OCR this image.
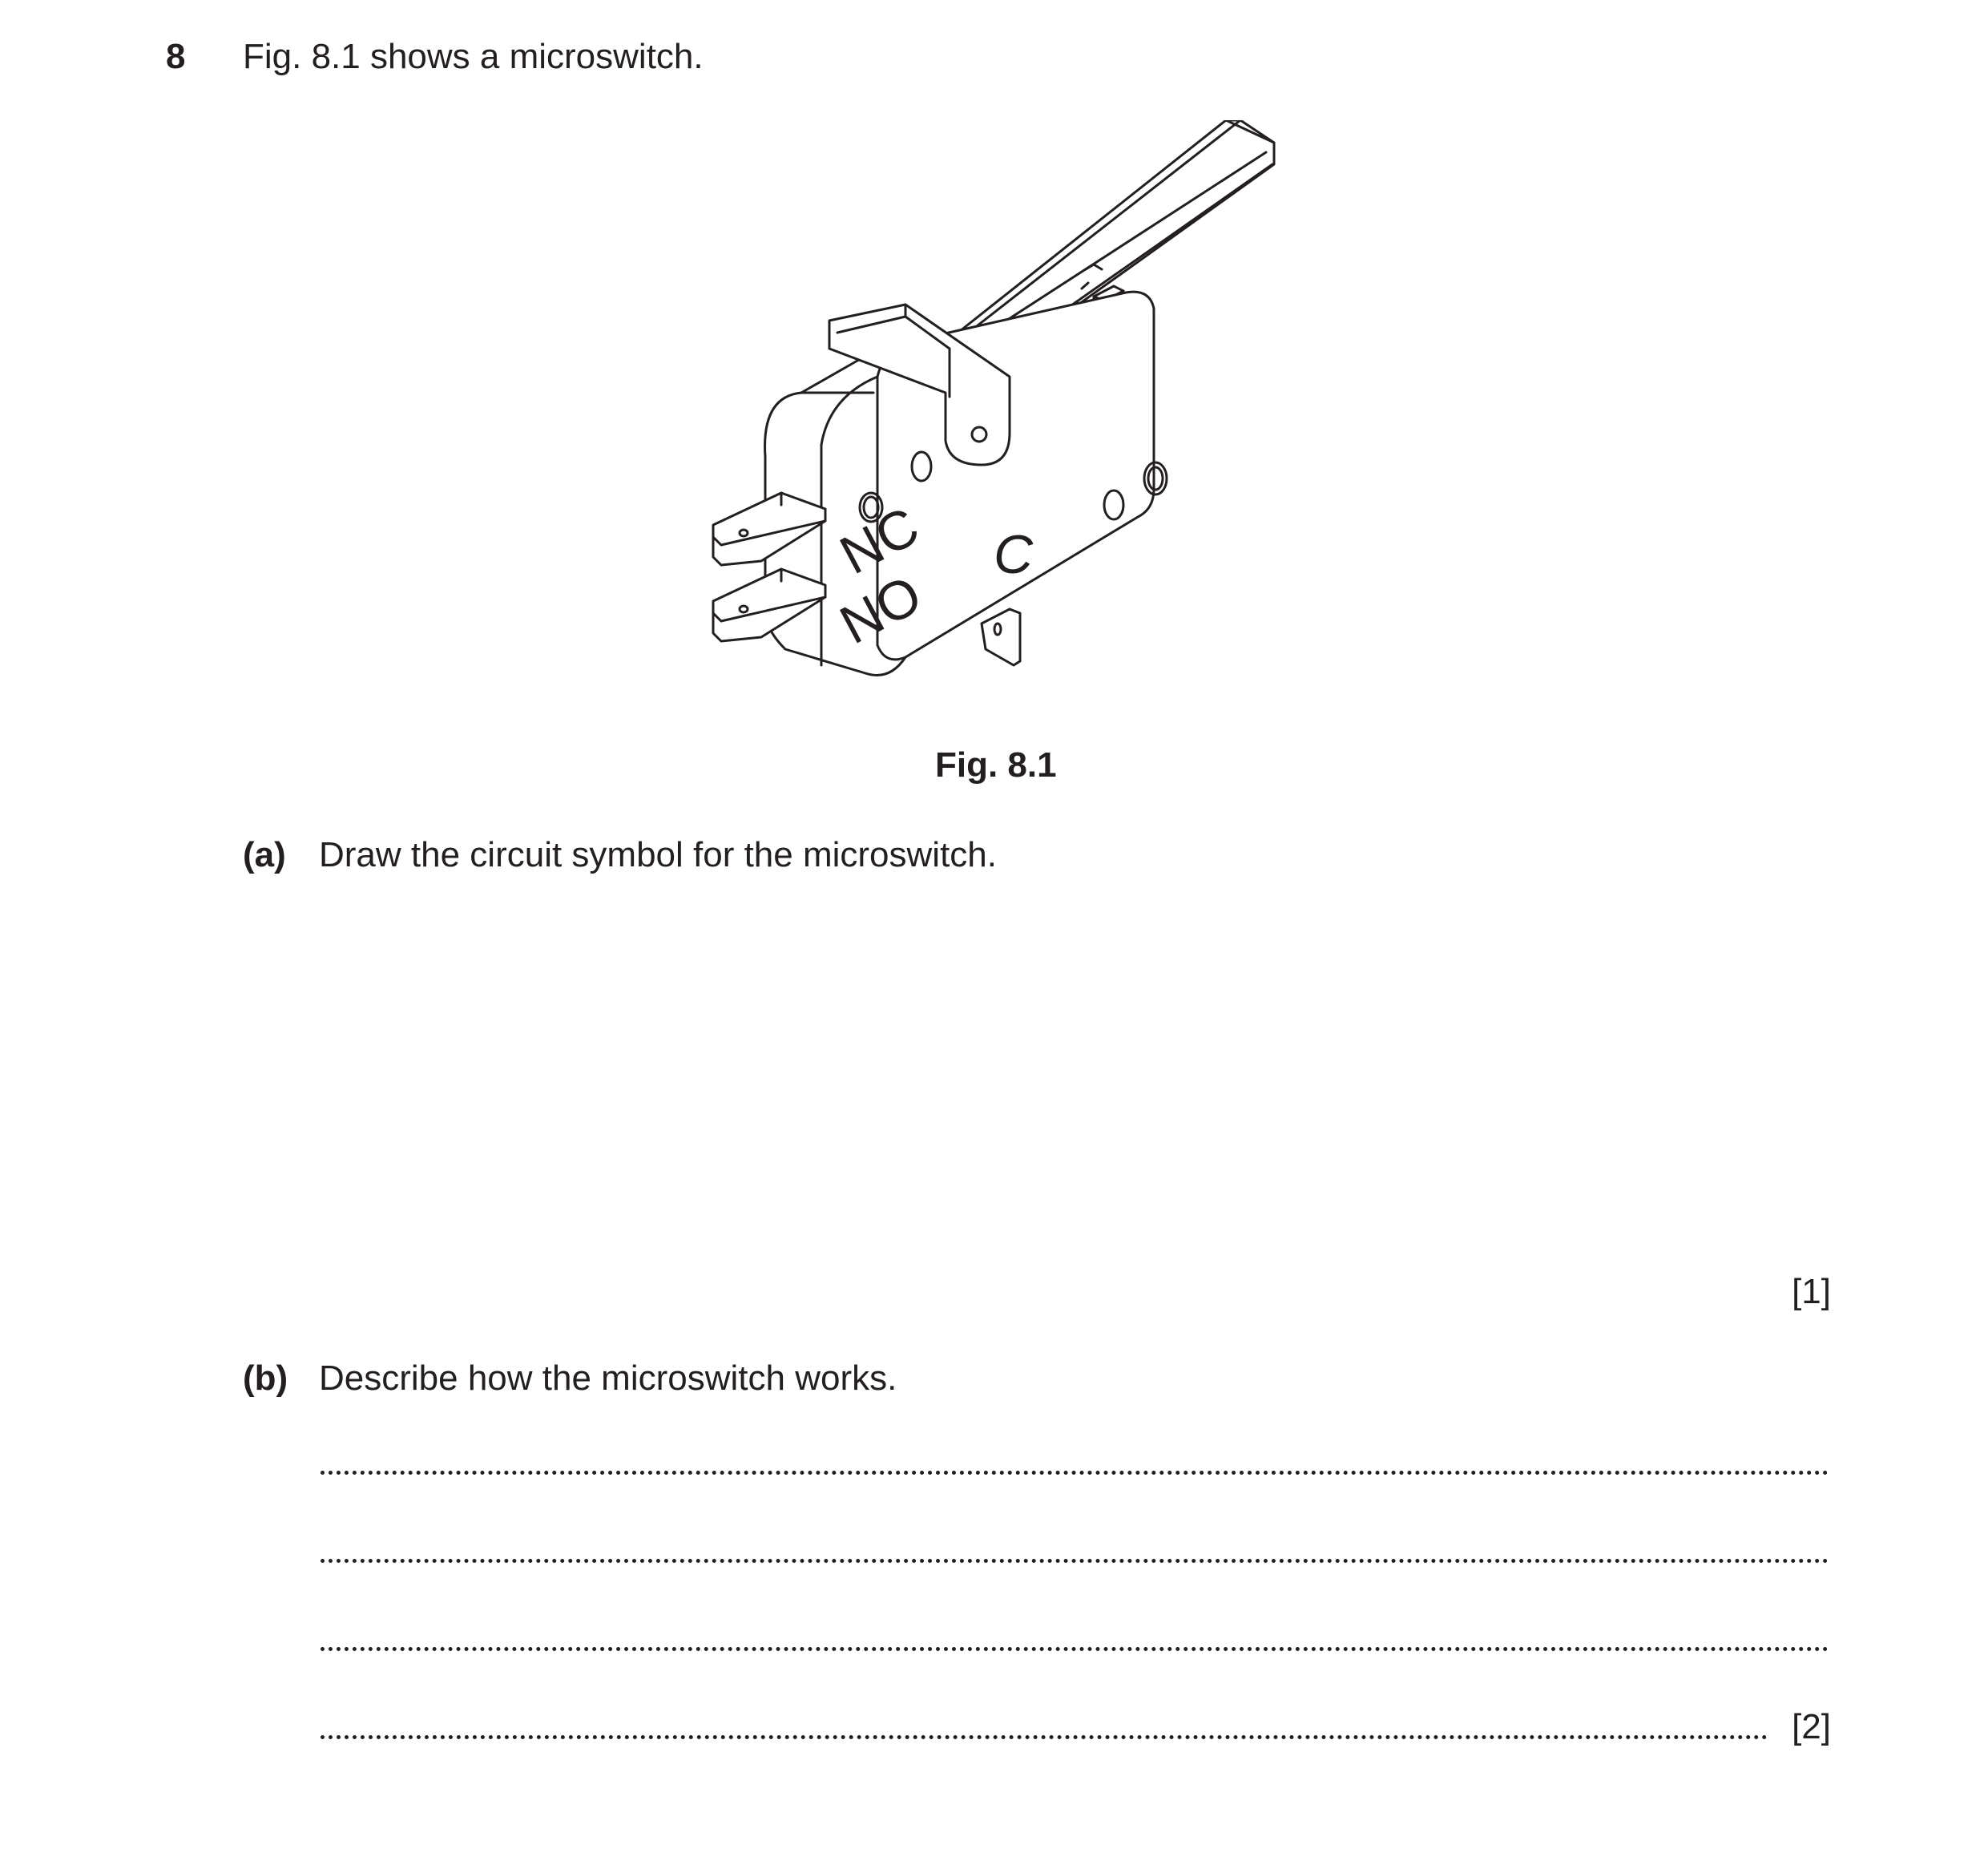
8 Fig. 8.1 shows a microswitch.
NC
NO
C
Fig. 8.1
(a) Draw the circuit symbol for the microswitch.
[1]
(b) Describe how the microswitch works.
[2]
